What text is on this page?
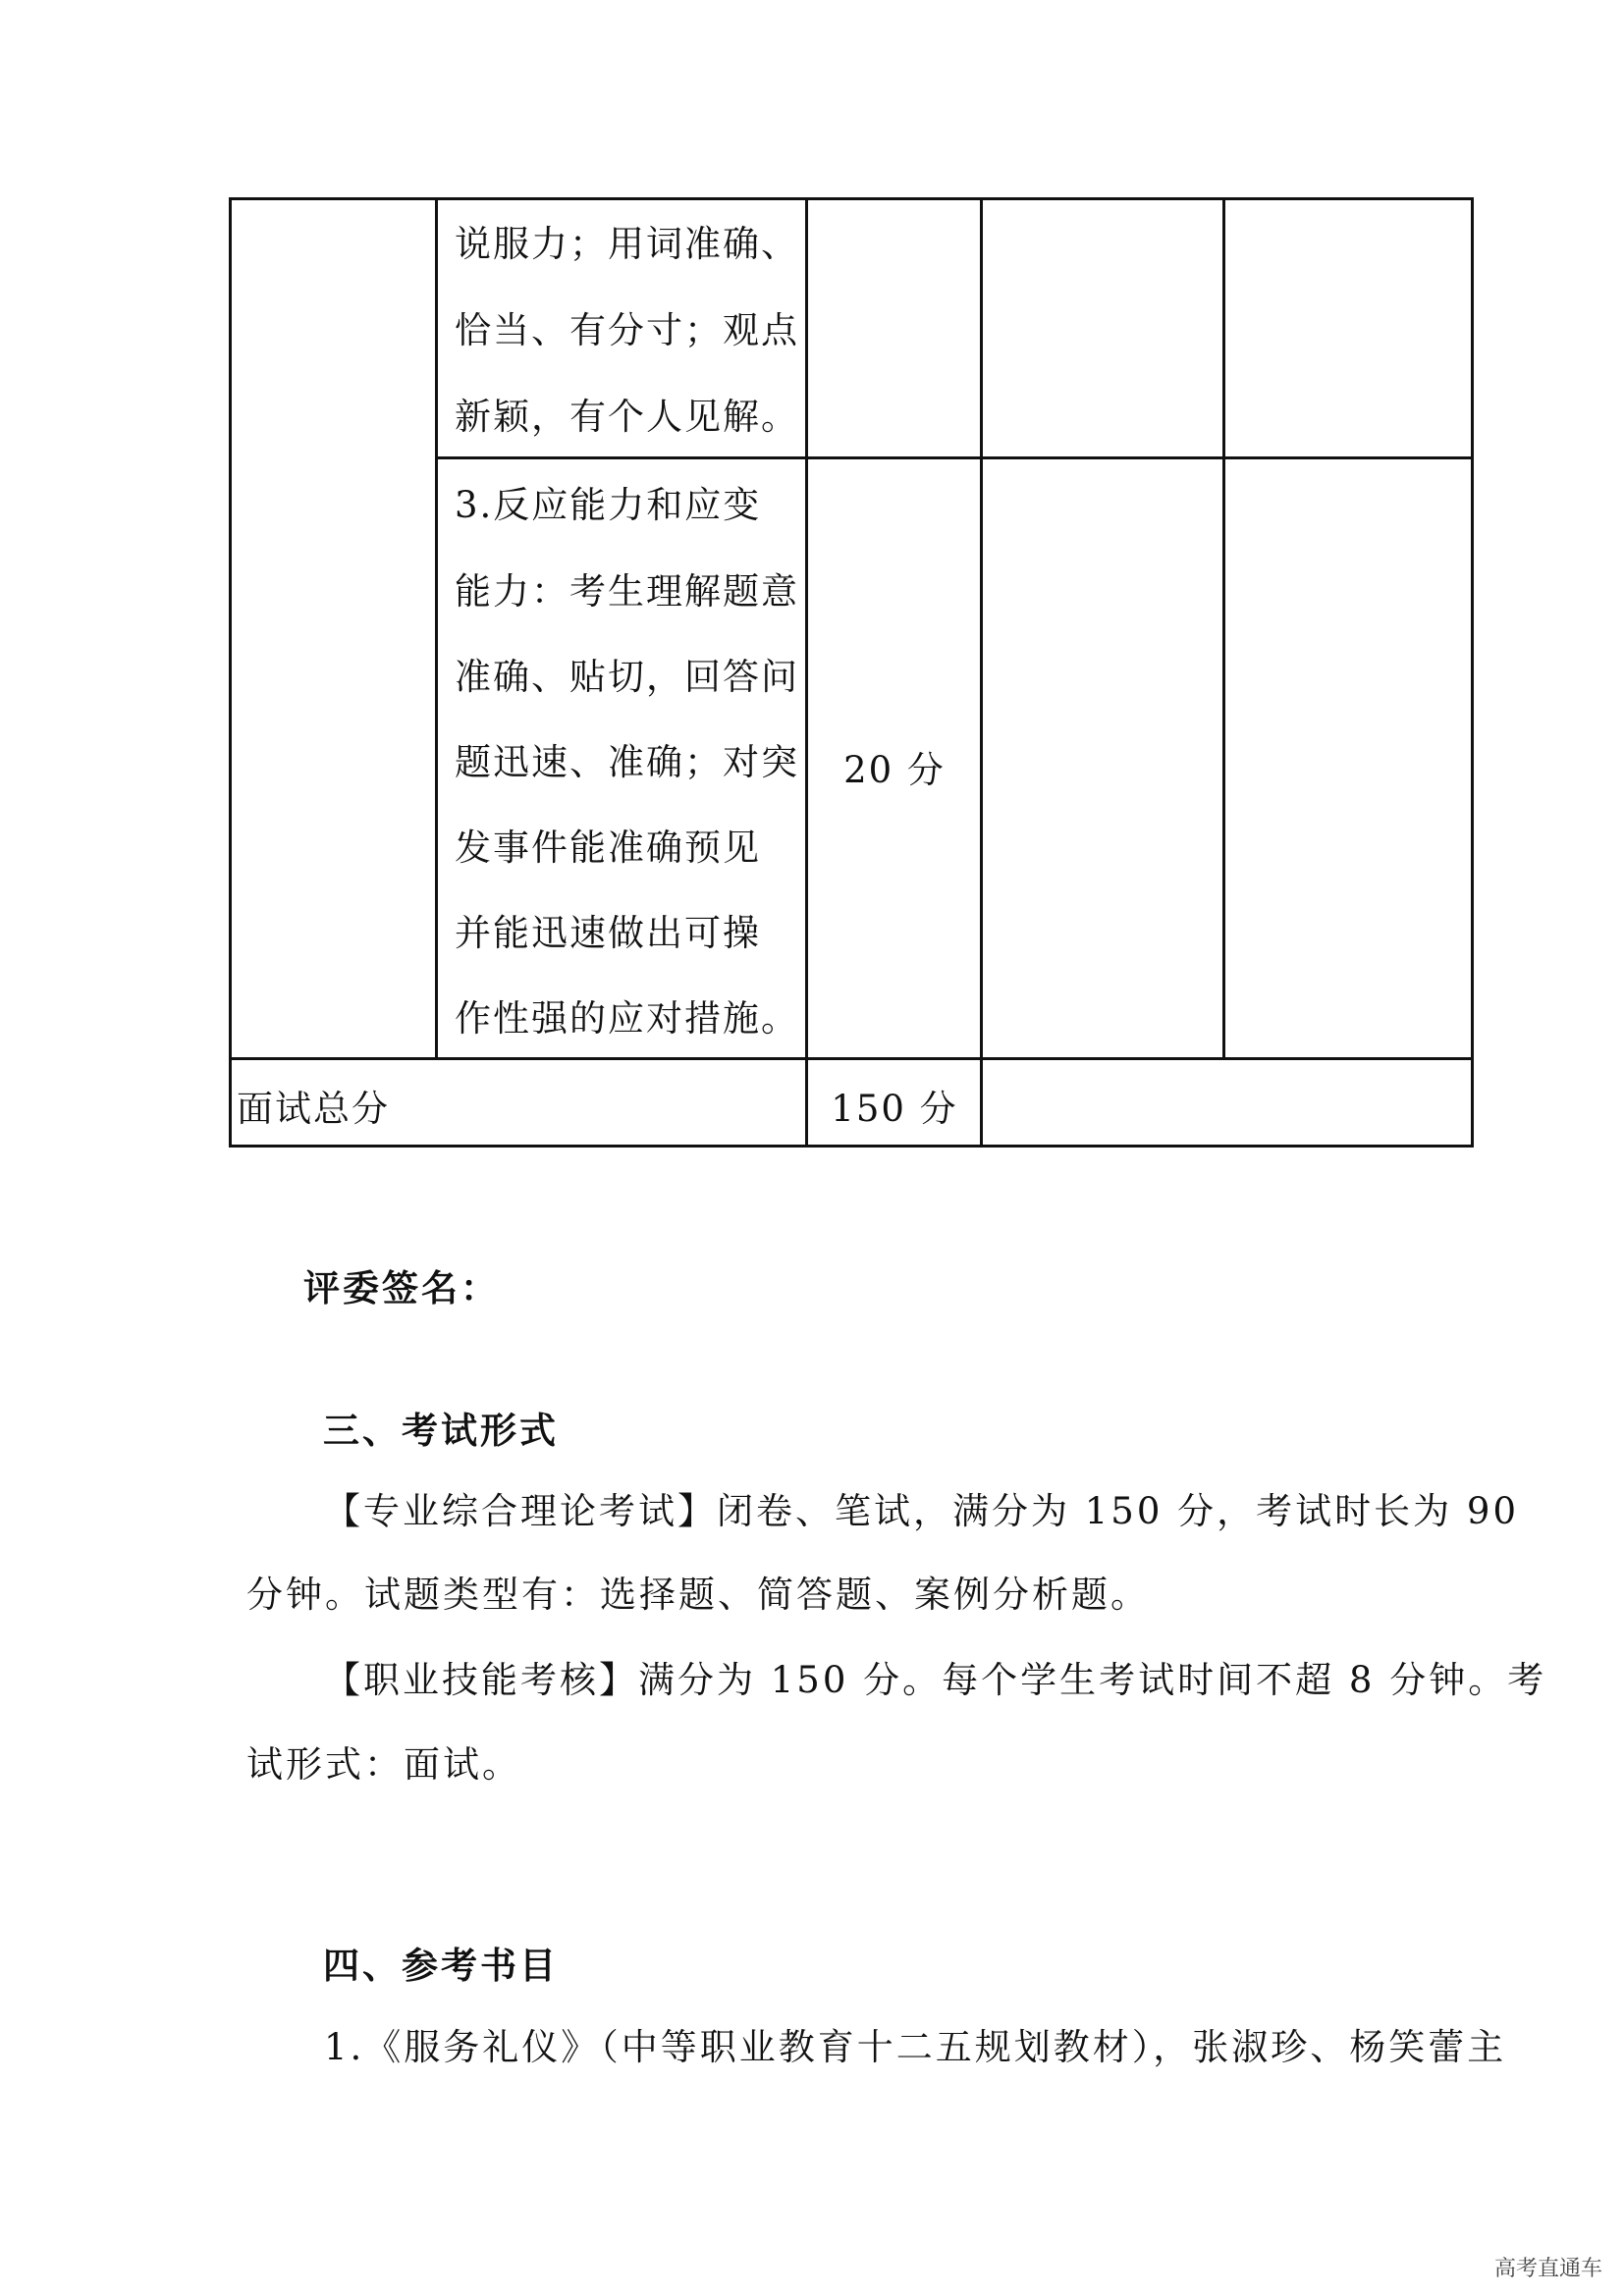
说服力；用词准确、
恰当、有分寸；观点
新颖，有个人见解。
3.反应能力和应变
能力：考生理解题意
准确、贴切，回答问
题迅速、准确；对突
发事件能准确预见
并能迅速做出可操
作性强的应对措施。
20 分
面试总分	150 分
评委签名：
三、考试形式
【专业综合理论考试】闭卷、笔试，满分为 150 分，考试时长为 90
分钟。试题类型有：选择题、简答题、案例分析题。
【职业技能考核】满分为 150 分。每个学生考试时间不超 8 分钟。考
试形式：面试。
四、参考书目
1.《服务礼仪》（中等职业教育十二五规划教材），张淑珍、杨笑蕾主
高考直通车
